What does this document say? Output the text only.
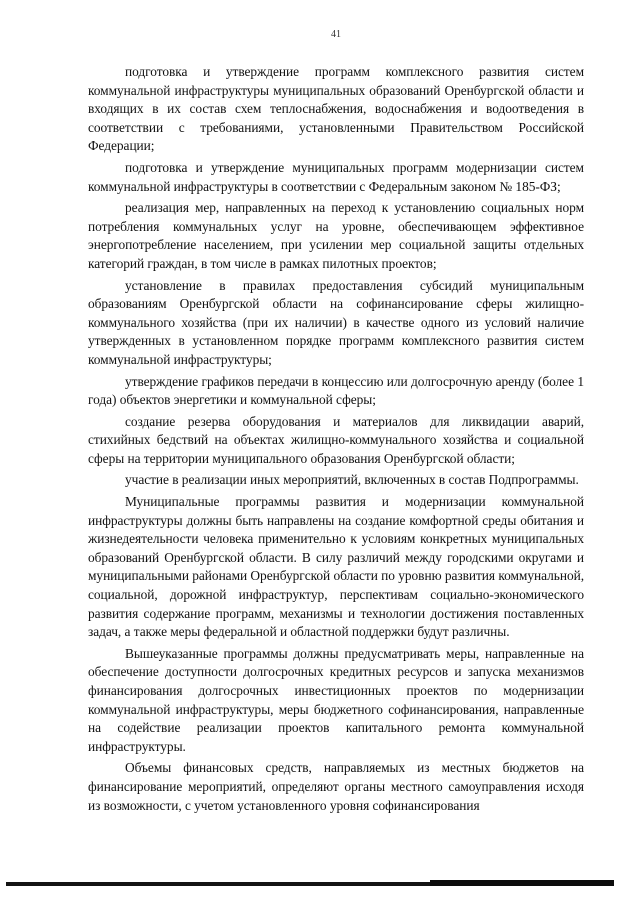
41

подготовка и утверждение программ комплексного развития систем коммунальной инфраструктуры муниципальных образований Оренбургской области и входящих в их состав схем теплоснабжения, водоснабжения и водоотведения в соответствии с требованиями, установленными Правительством Российской Федерации;

подготовка и утверждение муниципальных программ модернизации систем коммунальной инфраструктуры в соответствии с Федеральным законом № 185-ФЗ;

реализация мер, направленных на переход к установлению социальных норм потребления коммунальных услуг на уровне, обеспечивающем эффективное энергопотребление населением, при усилении мер социальной защиты отдельных категорий граждан, в том числе в рамках пилотных проектов;

установление в правилах предоставления субсидий муниципальным образованиям Оренбургской области на софинансирование сферы жилищно-коммунального хозяйства (при их наличии) в качестве одного из условий наличие утвержденных в установленном порядке программ комплексного развития систем коммунальной инфраструктуры;

утверждение графиков передачи в концессию или долгосрочную аренду (более 1 года) объектов энергетики и коммунальной сферы;

создание резерва оборудования и материалов для ликвидации аварий, стихийных бедствий на объектах жилищно-коммунального хозяйства и социальной сферы на территории муниципального образования Оренбургской области;

участие в реализации иных мероприятий, включенных в состав Подпрограммы.

Муниципальные программы развития и модернизации коммунальной инфраструктуры должны быть направлены на создание комфортной среды обитания и жизнедеятельности человека применительно к условиям конкретных муниципальных образований Оренбургской области. В силу различий между городскими округами и муниципальными районами Оренбургской области по уровню развития коммунальной, социальной, дорожной инфраструктур, перспективам социально-экономического развития содержание программ, механизмы и технологии достижения поставленных задач, а также меры федеральной и областной поддержки будут различны.

Вышеуказанные программы должны предусматривать меры, направленные на обеспечение доступности долгосрочных кредитных ресурсов и запуска механизмов финансирования долгосрочных инвестиционных проектов по модернизации коммунальной инфраструктуры, меры бюджетного софинансирования, направленные на содействие реализации проектов капитального ремонта коммунальной инфраструктуры.

Объемы финансовых средств, направляемых из местных бюджетов на финансирование мероприятий, определяют органы местного самоуправления исходя из возможности, с учетом установленного уровня софинансирования
